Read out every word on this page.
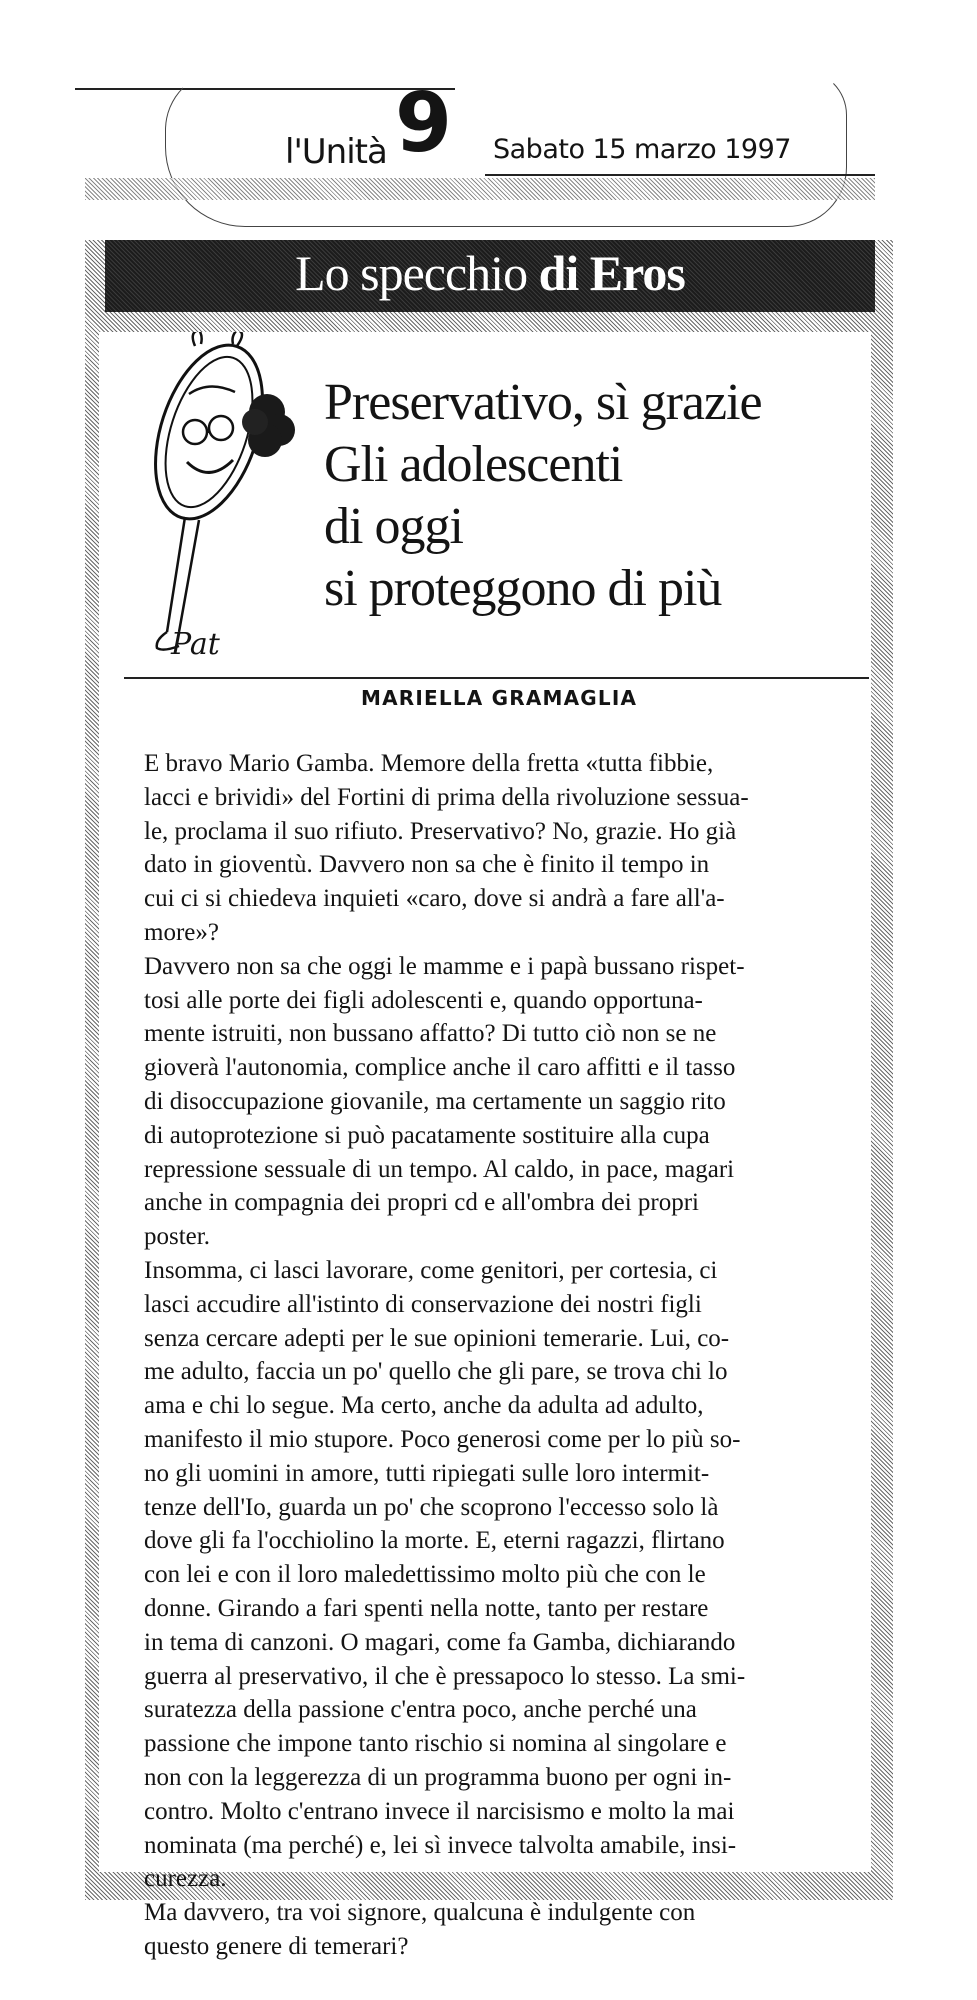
l'Unità 9 Sabato 15 marzo 1997
Lo specchio di Eros
Pat
Preservativo, sì grazie
Gli adolescenti
di oggi
si proteggono di più
MARIELLA GRAMAGLIA
E bravo Mario Gamba. Memore della fretta «tutta fibbie,
lacci e brividi» del Fortini di prima della rivoluzione sessua-
le, proclama il suo rifiuto. Preservativo? No, grazie. Ho già
dato in gioventù. Davvero non sa che è finito il tempo in
cui ci si chiedeva inquieti «caro, dove si andrà a fare all'a-
more»?
Davvero non sa che oggi le mamme e i papà bussano rispet-
tosi alle porte dei figli adolescenti e, quando opportuna-
mente istruiti, non bussano affatto? Di tutto ciò non se ne
gioverà l'autonomia, complice anche il caro affitti e il tasso
di disoccupazione giovanile, ma certamente un saggio rito
di autoprotezione si può pacatamente sostituire alla cupa
repressione sessuale di un tempo. Al caldo, in pace, magari
anche in compagnia dei propri cd e all'ombra dei propri
poster.
Insomma, ci lasci lavorare, come genitori, per cortesia, ci
lasci accudire all'istinto di conservazione dei nostri figli
senza cercare adepti per le sue opinioni temerarie. Lui, co-
me adulto, faccia un po' quello che gli pare, se trova chi lo
ama e chi lo segue. Ma certo, anche da adulta ad adulto,
manifesto il mio stupore. Poco generosi come per lo più so-
no gli uomini in amore, tutti ripiegati sulle loro intermit-
tenze dell'Io, guarda un po' che scoprono l'eccesso solo là
dove gli fa l'occhiolino la morte. E, eterni ragazzi, flirtano
con lei e con il loro maledettissimo molto più che con le
donne. Girando a fari spenti nella notte, tanto per restare
in tema di canzoni. O magari, come fa Gamba, dichiarando
guerra al preservativo, il che è pressapoco lo stesso. La smi-
suratezza della passione c'entra poco, anche perché una
passione che impone tanto rischio si nomina al singolare e
non con la leggerezza di un programma buono per ogni in-
contro. Molto c'entrano invece il narcisismo e molto la mai
nominata (ma perché) e, lei sì invece talvolta amabile, insi-
curezza.
Ma davvero, tra voi signore, qualcuna è indulgente con
questo genere di temerari?
